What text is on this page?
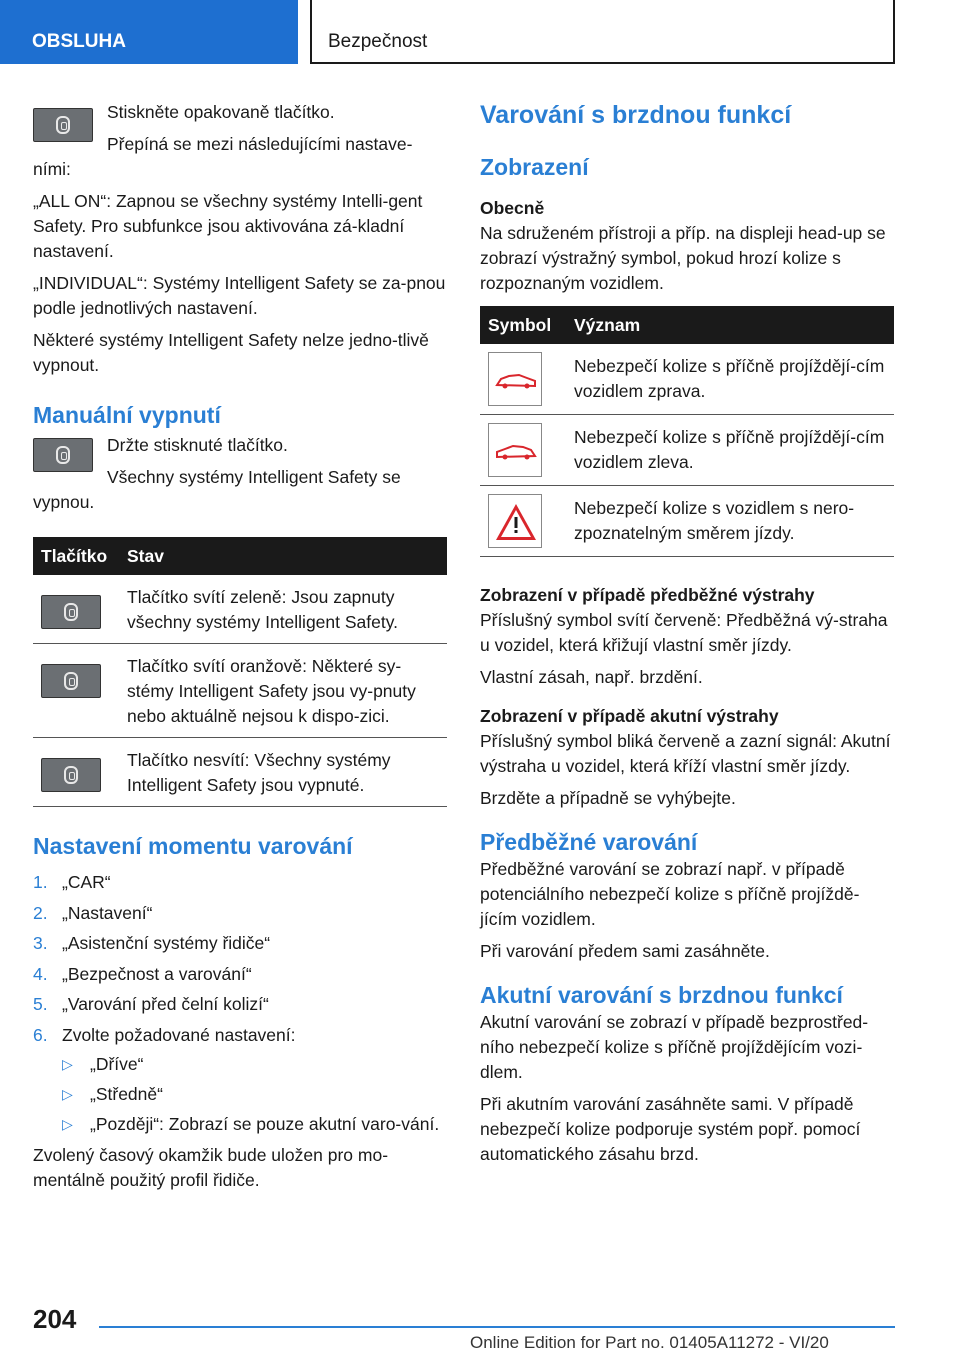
OBSLUHA	Bezpečnost

Stiskněte opakovaně tlačítko.

Přepíná se mezi následujícími nastave-ními:

„ALL ON“: Zapnou se všechny systémy Intelli-gent Safety. Pro subfunkce jsou aktivována zá-kladní nastavení.

„INDIVIDUAL“: Systémy Intelligent Safety se za-pnou podle jednotlivých nastavení.

Některé systémy Intelligent Safety nelze jedno-tlivě vypnout.

Manuální vypnutí

Držte stisknuté tlačítko.

Všechny systémy Intelligent Safety se vypnou.

Tlačítko	Stav

	Tlačítko svítí zeleně: Jsou zapnuty všechny systémy Intelligent Safety.

	Tlačítko svítí oranžově: Některé sy-stémy Intelligent Safety jsou vy-pnuty nebo aktuálně nejsou k dispo-zici.

	Tlačítko nesvítí: Všechny systémy Intelligent Safety jsou vypnuté.
Nastavení momentu varování
1. „CAR“
2. „Nastavení“
3. „Asistenční systémy řidiče“
4. „Bezpečnost a varování“
5. „Varování před čelní kolizí“
6. Zvolte požadované nastavení:
▷ „Dříve“
▷ „Středně“
▷ „Později“: Zobrazí se pouze akutní varo-vání.

Zvolený časový okamžik bude uložen pro mo-mentálně použitý profil řidiče.

Varování s brzdnou funkcí
Zobrazení
Obecně

Na sdruženém přístroji a příp. na displeji head-up se zobrazí výstražný symbol, pokud hrozí kolize s rozpoznaným vozidlem.

Symbol	Význam

	Nebezpečí kolize s příčně projíždějí-cím vozidlem zprava.

	Nebezpečí kolize s příčně projíždějí-cím vozidlem zleva.

	Nebezpečí kolize s vozidlem s nero-zpoznatelným směrem jízdy.
Zobrazení v případě předběžné výstrahy

Příslušný symbol svítí červeně: Předběžná vý-straha u vozidel, která křižují vlastní směr jízdy.

Vlastní zásah, např. brzdění.

Zobrazení v případě akutní výstrahy

Příslušný symbol bliká červeně a zazní signál: Akutní výstraha u vozidel, která kříží vlastní směr jízdy.

Brzděte a případně se vyhýbejte.

Předběžné varování

Předběžné varování se zobrazí např. v případě potenciálního nebezpečí kolize s příčně projíždě-jícím vozidlem.

Při varování předem sami zasáhněte.

Akutní varování s brzdnou funkcí

Akutní varování se zobrazí v případě bezprostřed-ního nebezpečí kolize s příčně projíždějícím vozi-dlem.

Při akutním varování zasáhněte sami. V případě nebezpečí kolize podporuje systém popř. pomocí automatického zásahu brzd.

204
Online Edition for Part no. 01405A11272 - VI/20
